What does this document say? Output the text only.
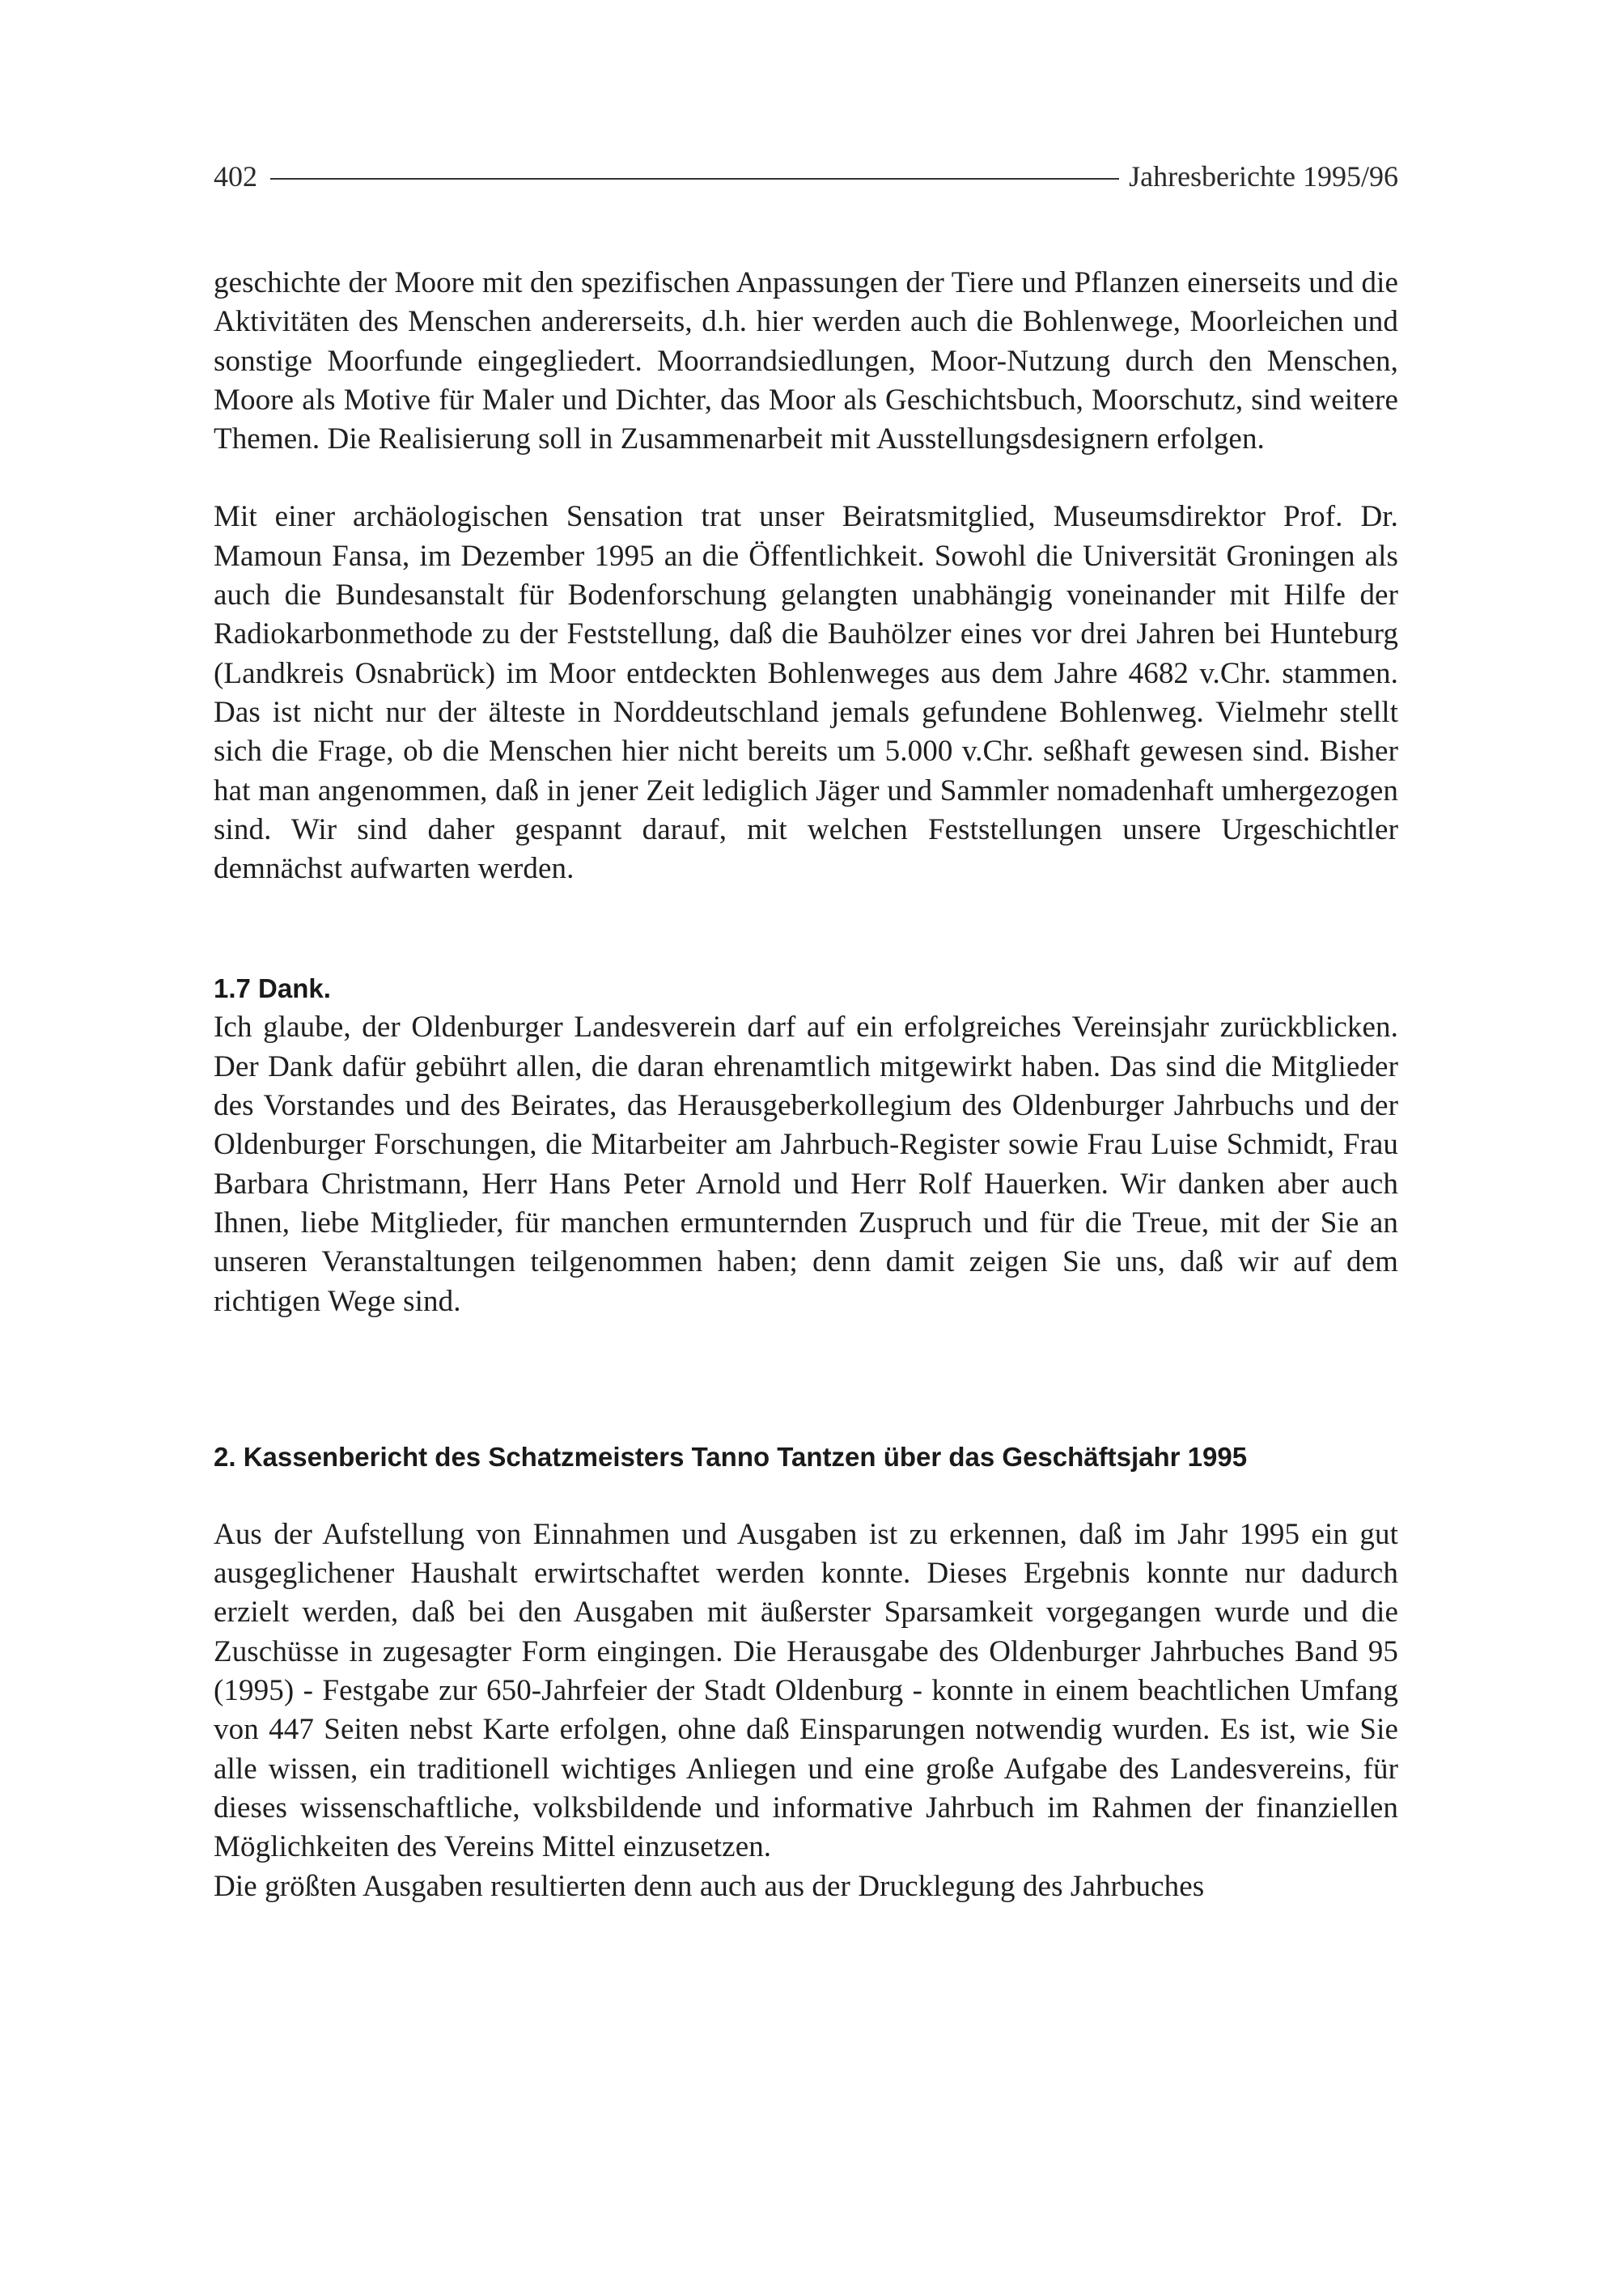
402	Jahresberichte 1995/96

geschichte der Moore mit den spezifischen Anpassungen der Tiere und Pflanzen einerseits und die Aktivitäten des Menschen andererseits, d.h. hier werden auch die Bohlenwege, Moorleichen und sonstige Moorfunde eingegliedert. Moorrandsiedlungen, Moor-Nutzung durch den Menschen, Moore als Motive für Maler und Dichter, das Moor als Geschichtsbuch, Moorschutz, sind weitere Themen. Die Realisierung soll in Zusammenarbeit mit Ausstellungsdesignern erfolgen.

Mit einer archäologischen Sensation trat unser Beiratsmitglied, Museumsdirektor Prof. Dr. Mamoun Fansa, im Dezember 1995 an die Öffentlichkeit. Sowohl die Universität Groningen als auch die Bundesanstalt für Bodenforschung gelangten unabhängig voneinander mit Hilfe der Radiokarbonmethode zu der Feststellung, daß die Bauhölzer eines vor drei Jahren bei Hunteburg (Landkreis Osnabrück) im Moor entdeckten Bohlenweges aus dem Jahre 4682 v.Chr. stammen. Das ist nicht nur der älteste in Norddeutschland jemals gefundene Bohlenweg. Vielmehr stellt sich die Frage, ob die Menschen hier nicht bereits um 5.000 v.Chr. seßhaft gewesen sind. Bisher hat man angenommen, daß in jener Zeit lediglich Jäger und Sammler nomadenhaft umhergezogen sind. Wir sind daher gespannt darauf, mit welchen Feststellungen unsere Urgeschichtler demnächst aufwarten werden.

1.7 Dank.

Ich glaube, der Oldenburger Landesverein darf auf ein erfolgreiches Vereinsjahr zurückblicken. Der Dank dafür gebührt allen, die daran ehrenamtlich mitgewirkt haben. Das sind die Mitglieder des Vorstandes und des Beirates, das Herausgeberkollegium des Oldenburger Jahrbuchs und der Oldenburger Forschungen, die Mitarbeiter am Jahrbuch-Register sowie Frau Luise Schmidt, Frau Barbara Christmann, Herr Hans Peter Arnold und Herr Rolf Hauerken. Wir danken aber auch Ihnen, liebe Mitglieder, für manchen ermunternden Zuspruch und für die Treue, mit der Sie an unseren Veranstaltungen teilgenommen haben; denn damit zeigen Sie uns, daß wir auf dem richtigen Wege sind.

2. Kassenbericht des Schatzmeisters Tanno Tantzen über das Geschäftsjahr 1995

Aus der Aufstellung von Einnahmen und Ausgaben ist zu erkennen, daß im Jahr 1995 ein gut ausgeglichener Haushalt erwirtschaftet werden konnte. Dieses Ergebnis konnte nur dadurch erzielt werden, daß bei den Ausgaben mit äußerster Sparsamkeit vorgegangen wurde und die Zuschüsse in zugesagter Form eingingen. Die Herausgabe des Oldenburger Jahrbuches Band 95 (1995) - Festgabe zur 650-Jahrfeier der Stadt Oldenburg - konnte in einem beachtlichen Umfang von 447 Seiten nebst Karte erfolgen, ohne daß Einsparungen notwendig wurden. Es ist, wie Sie alle wissen, ein traditionell wichtiges Anliegen und eine große Aufgabe des Landesvereins, für dieses wissenschaftliche, volksbildende und informative Jahrbuch im Rahmen der finanziellen Möglichkeiten des Vereins Mittel einzusetzen.

Die größten Ausgaben resultierten denn auch aus der Drucklegung des Jahrbuches
